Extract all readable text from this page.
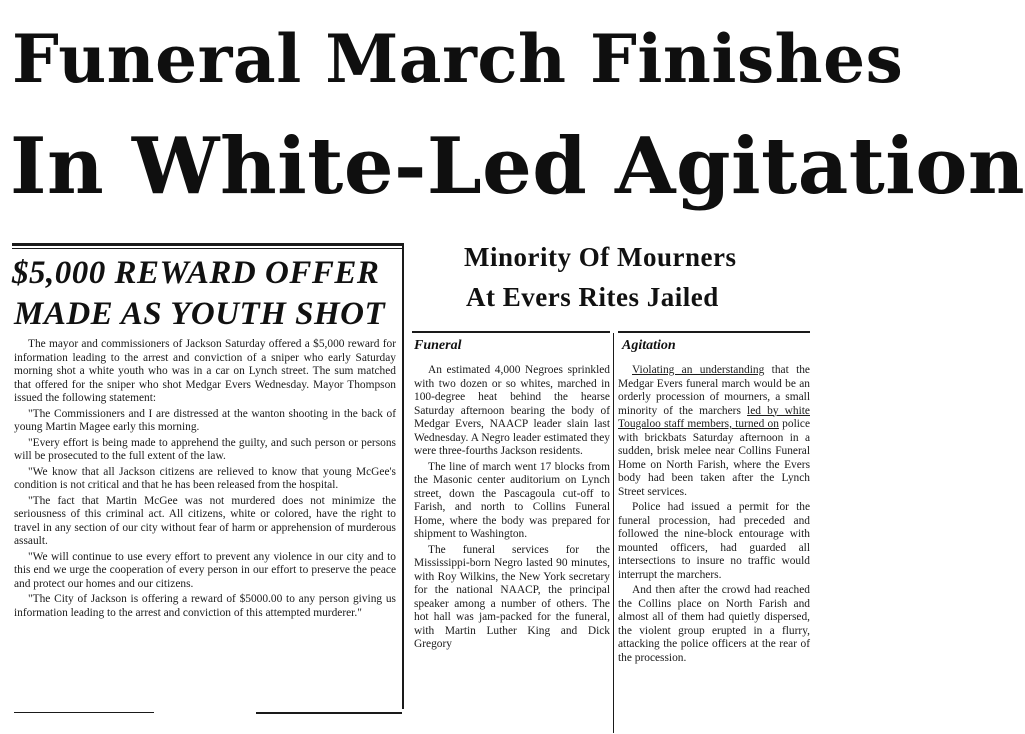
Funeral March Finishes
In White-Led Agitation
$5,000 REWARD OFFER
MADE AS YOUTH SHOT

The mayor and commissioners of Jackson Saturday offered a $5,000 reward for information leading to the arrest and conviction of a sniper who early Saturday morning shot a white youth who was in a car on Lynch street. The sum matched that offered for the sniper who shot Medgar Evers Wednesday. Mayor Thompson issued the following statement:

"The Commissioners and I are distressed at the wanton shooting in the back of young Martin Magee early this morning.

"Every effort is being made to apprehend the guilty, and such person or persons will be prosecuted to the full extent of the law.

"We know that all Jackson citizens are relieved to know that young McGee's condition is not critical and that he has been released from the hospital.

"The fact that Martin McGee was not murdered does not minimize the seriousness of this criminal act. All citizens, white or colored, have the right to travel in any section of our city without fear of harm or apprehension of murderous assault.

"We will continue to use every effort to prevent any violence in our city and to this end we urge the cooperation of every person in our effort to preserve the peace and protect our homes and our citizens.

"The City of Jackson is offering a reward of $5000.00 to any person giving us information leading to the arrest and conviction of this attempted murderer."

Minority Of Mourners
At Evers Rites Jailed
Funeral	Agitation

An estimated 4,000 Negroes sprinkled with two dozen or so whites, marched in 100-degree heat behind the hearse Saturday afternoon bearing the body of Medgar Evers, NAACP leader slain last Wednesday. A Negro leader estimated they were three-fourths Jackson residents.

The line of march went 17 blocks from the Masonic center auditorium on Lynch street, down the Pascagoula cut-off to Farish, and north to Collins Funeral Home, where the body was prepared for shipment to Washington.

The funeral services for the Mississippi-born Negro lasted 90 minutes, with Roy Wilkins, the New York secretary for the national NAACP, the principal speaker among a number of others. The hot hall was jam-packed for the funeral, with Martin Luther King and Dick Gregory

Violating an understanding that the Medgar Evers funeral march would be an orderly procession of mourners, a small minority of the marchers led by white Tougaloo staff members, turned on police with brickbats Saturday afternoon in a sudden, brisk melee near Collins Funeral Home on North Farish, where the Evers body had been taken after the Lynch Street services.

Police had issued a permit for the funeral procession, had preceded and followed the nine-block entourage with mounted officers, had guarded all intersections to insure no traffic would interrupt the marchers.

And then after the crowd had reached the Collins place on North Farish and almost all of them had quietly dispersed, the violent group erupted in a flurry, attacking the police officers at the rear of the procession.
